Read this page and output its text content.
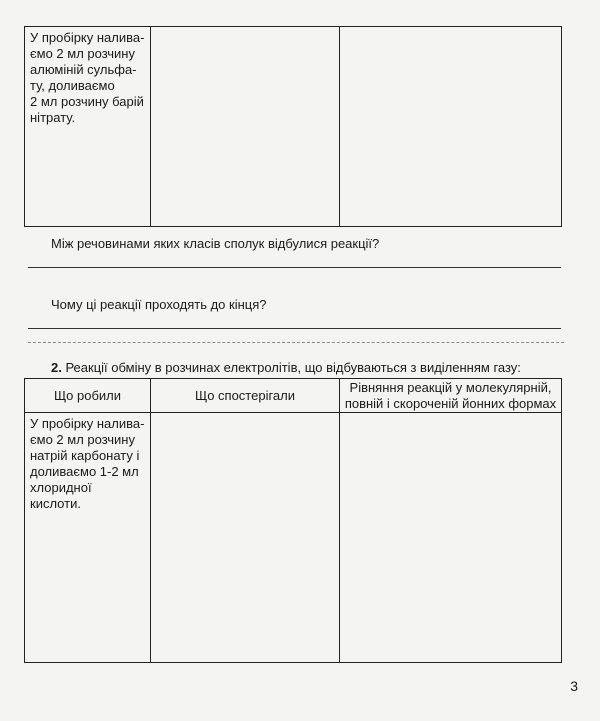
У пробірку налива-
ємо 2 мл розчину
алюміній сульфа-
ту, доливаємо
2 мл розчину барій
нітрату.

Між речовинами яких класів сполук відбулися реакції?
Чому ці реакції проходять до кінця?
2. Реакції обміну в розчинах електролітів, що відбуваються з виділенням газу:
Що робили	Що спостерігали	Рівняння реакцій у молекулярній, повній і скороченій йонних формах

У пробірку налива-
ємо 2 мл розчину
натрій карбонату і
доливаємо 1-2 мл
хлоридної кислоти.		

3
